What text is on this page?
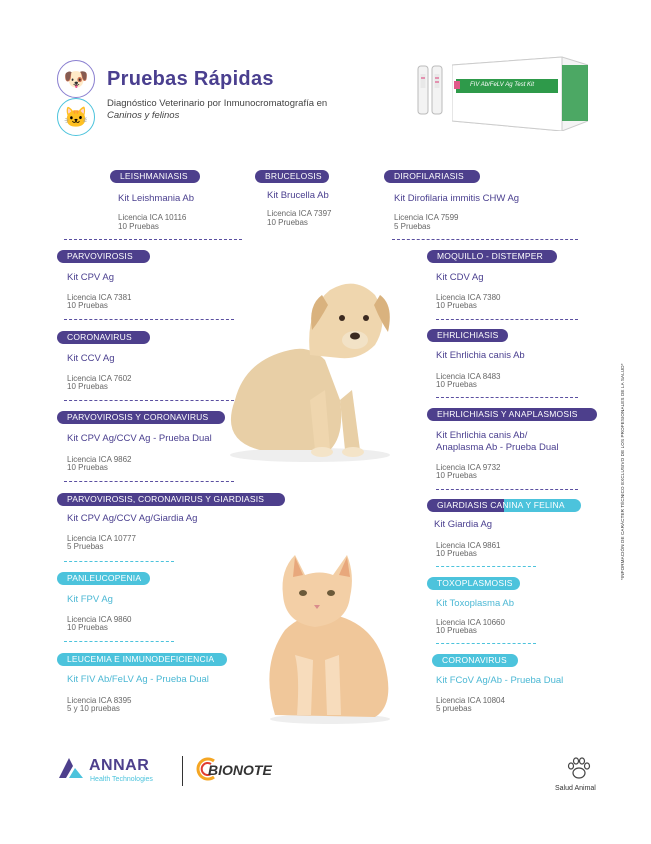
🐶
🐱
Pruebas Rápidas
Diagnóstico Veterinario por Inmunocromatografía en
Caninos y felinos
FIV Ab/FeLV Ag Test Kit
LEISHMANIASIS
Kit Leishmania Ab
Licencia ICA 10116
10 Pruebas
BRUCELOSIS
Kit Brucella Ab
Licencia ICA 7397
10 Pruebas
DIROFILARIASIS
Kit Dirofilaria immitis CHW Ag
Licencia ICA 7599
5 Pruebas
PARVOVIROSIS
Kit CPV Ag
Licencia ICA 7381
10 Pruebas
CORONAVIRUS
Kit CCV Ag
Licencia ICA 7602
10 Pruebas
PARVOVIROSIS Y CORONAVIRUS
Kit CPV Ag/CCV Ag - Prueba Dual
Licencia ICA 9862
10 Pruebas
PARVOVIROSIS, CORONAVIRUS Y GIARDIASIS
Kit CPV Ag/CCV Ag/Giardia Ag
Licencia ICA 10777
5 Pruebas
PANLEUCOPENIA
Kit FPV Ag
Licencia ICA 9860
10 Pruebas
LEUCEMIA E INMUNODEFICIENCIA
Kit FIV Ab/FeLV Ag - Prueba Dual
Licencia ICA 8395
5 y 10 pruebas
MOQUILLO - DISTEMPER
Kit CDV Ag
Licencia ICA 7380
10 Pruebas
EHRLICHIASIS
Kit Ehrlichia canis Ab
Licencia ICA 8483
10 Pruebas
EHRLICHIASIS Y ANAPLASMOSIS
Kit Ehrlichia canis Ab/
Anaplasma Ab - Prueba Dual
Licencia ICA 9732
10 Pruebas
GIARDIASIS CANINA Y FELINA
Kit Giardia Ag
Licencia ICA 9861
10 Pruebas
TOXOPLASMOSIS
Kit Toxoplasma Ab
Licencia ICA 10660
10 Pruebas
CORONAVIRUS
Kit FCoV Ag/Ab - Prueba Dual
Licencia ICA 10804
5 pruebas
*INFORMACIÓN DE CARÁCTER TÉCNICO EXCLUSIVO DE LOS PROFESIONALES DE LA SALUD*
ANNAR
Health Technologies
BIONOTE
Salud Animal
